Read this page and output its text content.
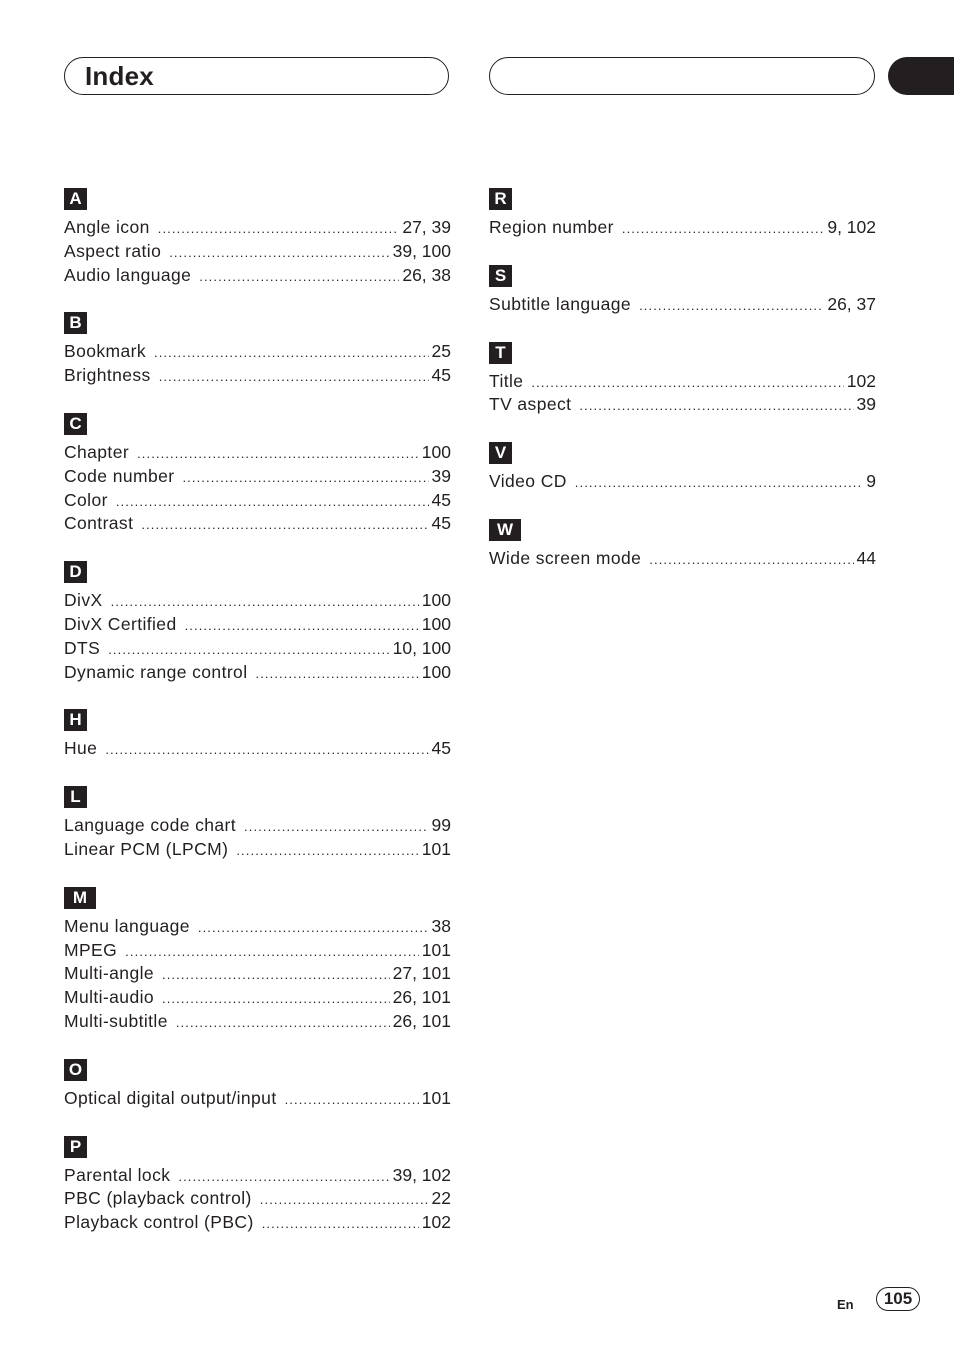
Index
A
Angle icon .....	27, 39
Aspect ratio .....	39, 100
Audio language .....	26, 38
B
Bookmark .....	25
Brightness .....	45
C
Chapter .....	100
Code number .....	39
Color .....	45
Contrast .....	45
D
DivX .....	100
DivX Certified .....	100
DTS .....	10, 100
Dynamic range control .....	100
H
Hue .....	45
L
Language code chart .....	99
Linear PCM (LPCM) .....	101
M
Menu language .....	38
MPEG .....	101
Multi-angle .....	27, 101
Multi-audio .....	26, 101
Multi-subtitle .....	26, 101
O
Optical digital output/input .....	101
P
Parental lock .....	39, 102
PBC (playback control) .....	22
Playback control (PBC) .....	102
R
Region number .....	9, 102
S
Subtitle language .....	26, 37
T
Title .....	102
TV aspect .....	39
V
Video CD .....	9
W
Wide screen mode .....	44
En	105
